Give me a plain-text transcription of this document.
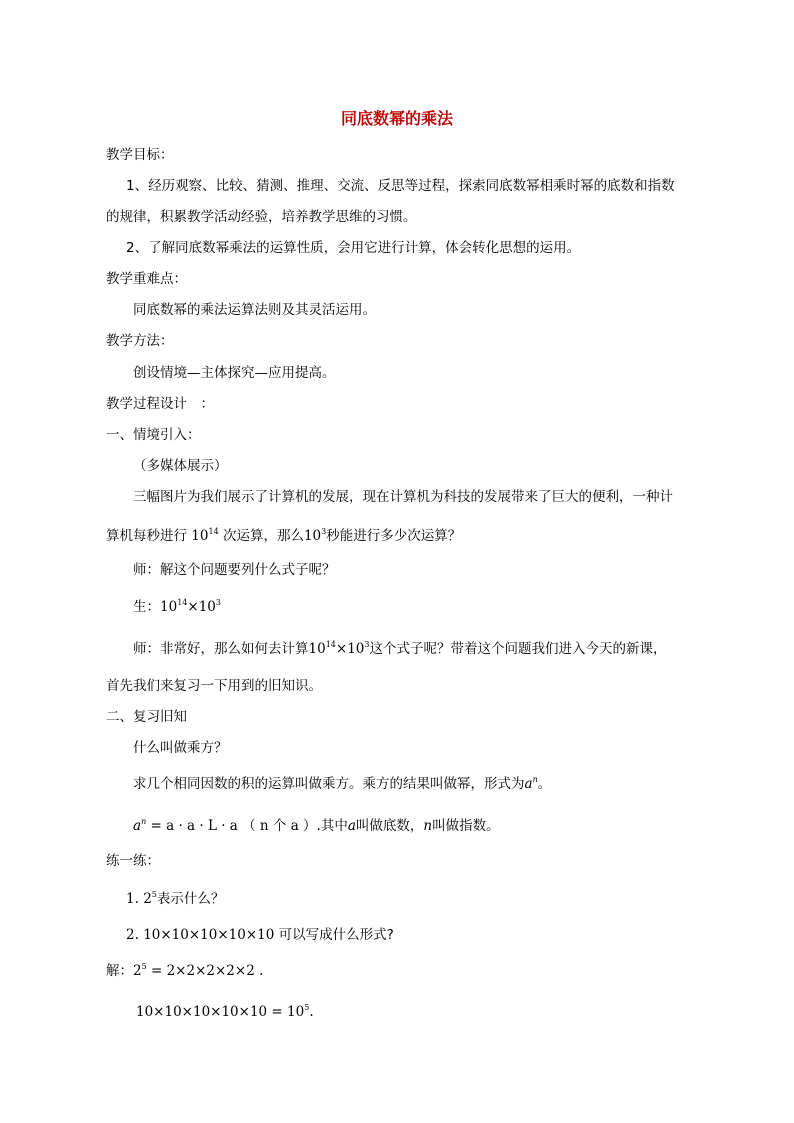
同底数幂的乘法
教学目标：
1、经历观察、比较、猜测、推理、交流、反思等过程，探索同底数幂相乘时幂的底数和指数
的规律，积累教学活动经验，培养教学思维的习惯。
2、了解同底数幂乘法的运算性质，会用它进行计算，体会转化思想的运用。
教学重难点：
同底数幂的乘法运算法则及其灵活运用。
教学方法：
创设情境—主体探究—应用提高。
教学过程设计　：
一、情境引入：
（多媒体展示）
三幅图片为我们展示了计算机的发展，现在计算机为科技的发展带来了巨大的便利，一种计
算机每秒进行 $10^{14}$ 次运算，那么$10^3$秒能进行多少次运算？
师：解这个问题要列什么式子呢？
生：$10^{14}\times 10^3$
师：非常好，那么如何去计算$10^{14}\times 10^3$这个式子呢？带着这个问题我们进入今天的新课，
首先我们来复习一下用到的旧知识。
二、复习旧知
什么叫做乘方？
求几个相同因数的积的运算叫做乘方。乘方的结果叫做幂，形式为$a^n$。
$a^n = a \cdot a \cdot L \cdot a$ （ n 个 a ）.其中a叫做底数，n叫做指数。
练一练：
1. $2^5$表示什么？
2. 10×10×10×10×10 可以写成什么形式?
解：$2^5 = 2\times 2\times 2\times 2\times 2$ .
$10\times 10\times 10\times 10\times 10 = 10^5$.
